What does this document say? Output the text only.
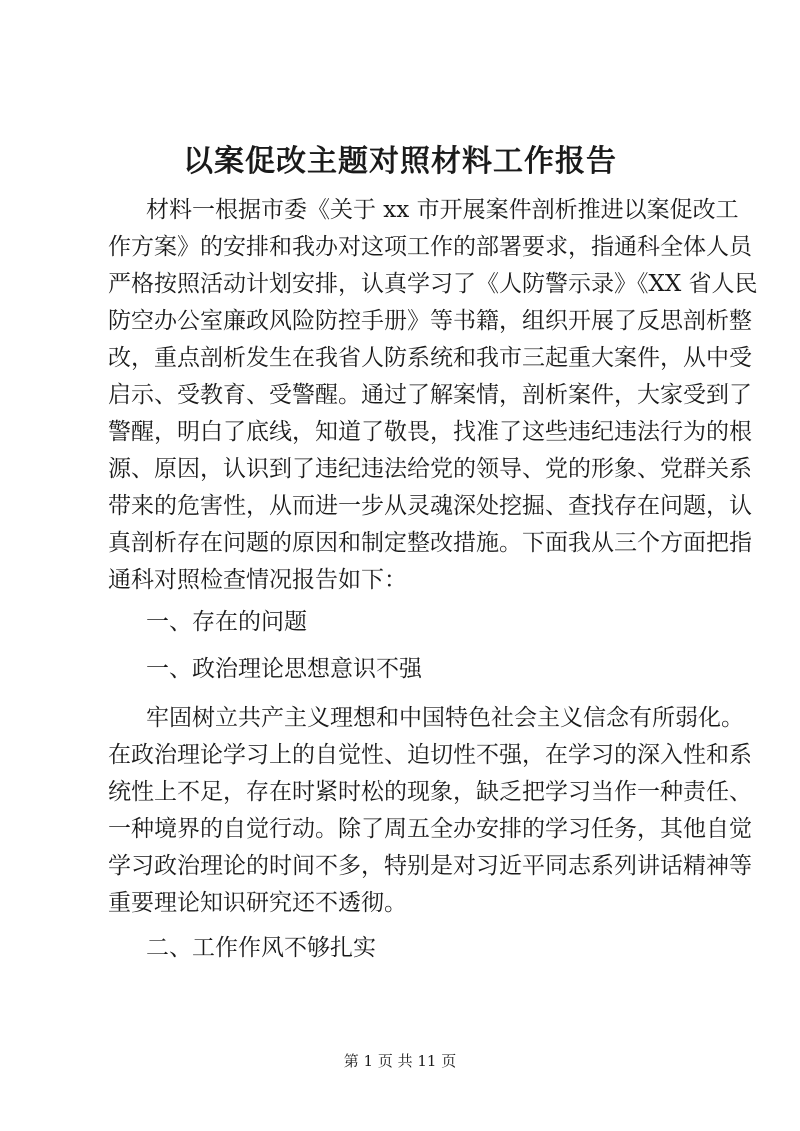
以案促改主题对照材料工作报告

材料一根据市委《关于 xx 市开展案件剖析推进以案促改工

作方案》的安排和我办对这项工作的部署要求，指通科全体人员

严格按照活动计划安排，认真学习了《人防警示录》《XX 省人民

防空办公室廉政风险防控手册》等书籍，组织开展了反思剖析整

改，重点剖析发生在我省人防系统和我市三起重大案件，从中受

启示、受教育、受警醒。通过了解案情，剖析案件，大家受到了

警醒，明白了底线，知道了敬畏，找准了这些违纪违法行为的根

源、原因，认识到了违纪违法给党的领导、党的形象、党群关系

带来的危害性，从而进一步从灵魂深处挖掘、查找存在问题，认

真剖析存在问题的原因和制定整改措施。下面我从三个方面把指

通科对照检查情况报告如下：

一、存在的问题

一、政治理论思想意识不强

牢固树立共产主义理想和中国特色社会主义信念有所弱化。

在政治理论学习上的自觉性、迫切性不强，在学习的深入性和系

统性上不足，存在时紧时松的现象，缺乏把学习当作一种责任、

一种境界的自觉行动。除了周五全办安排的学习任务，其他自觉

学习政治理论的时间不多，特别是对习近平同志系列讲话精神等

重要理论知识研究还不透彻。

二、工作作风不够扎实

第 1 页 共 11 页
